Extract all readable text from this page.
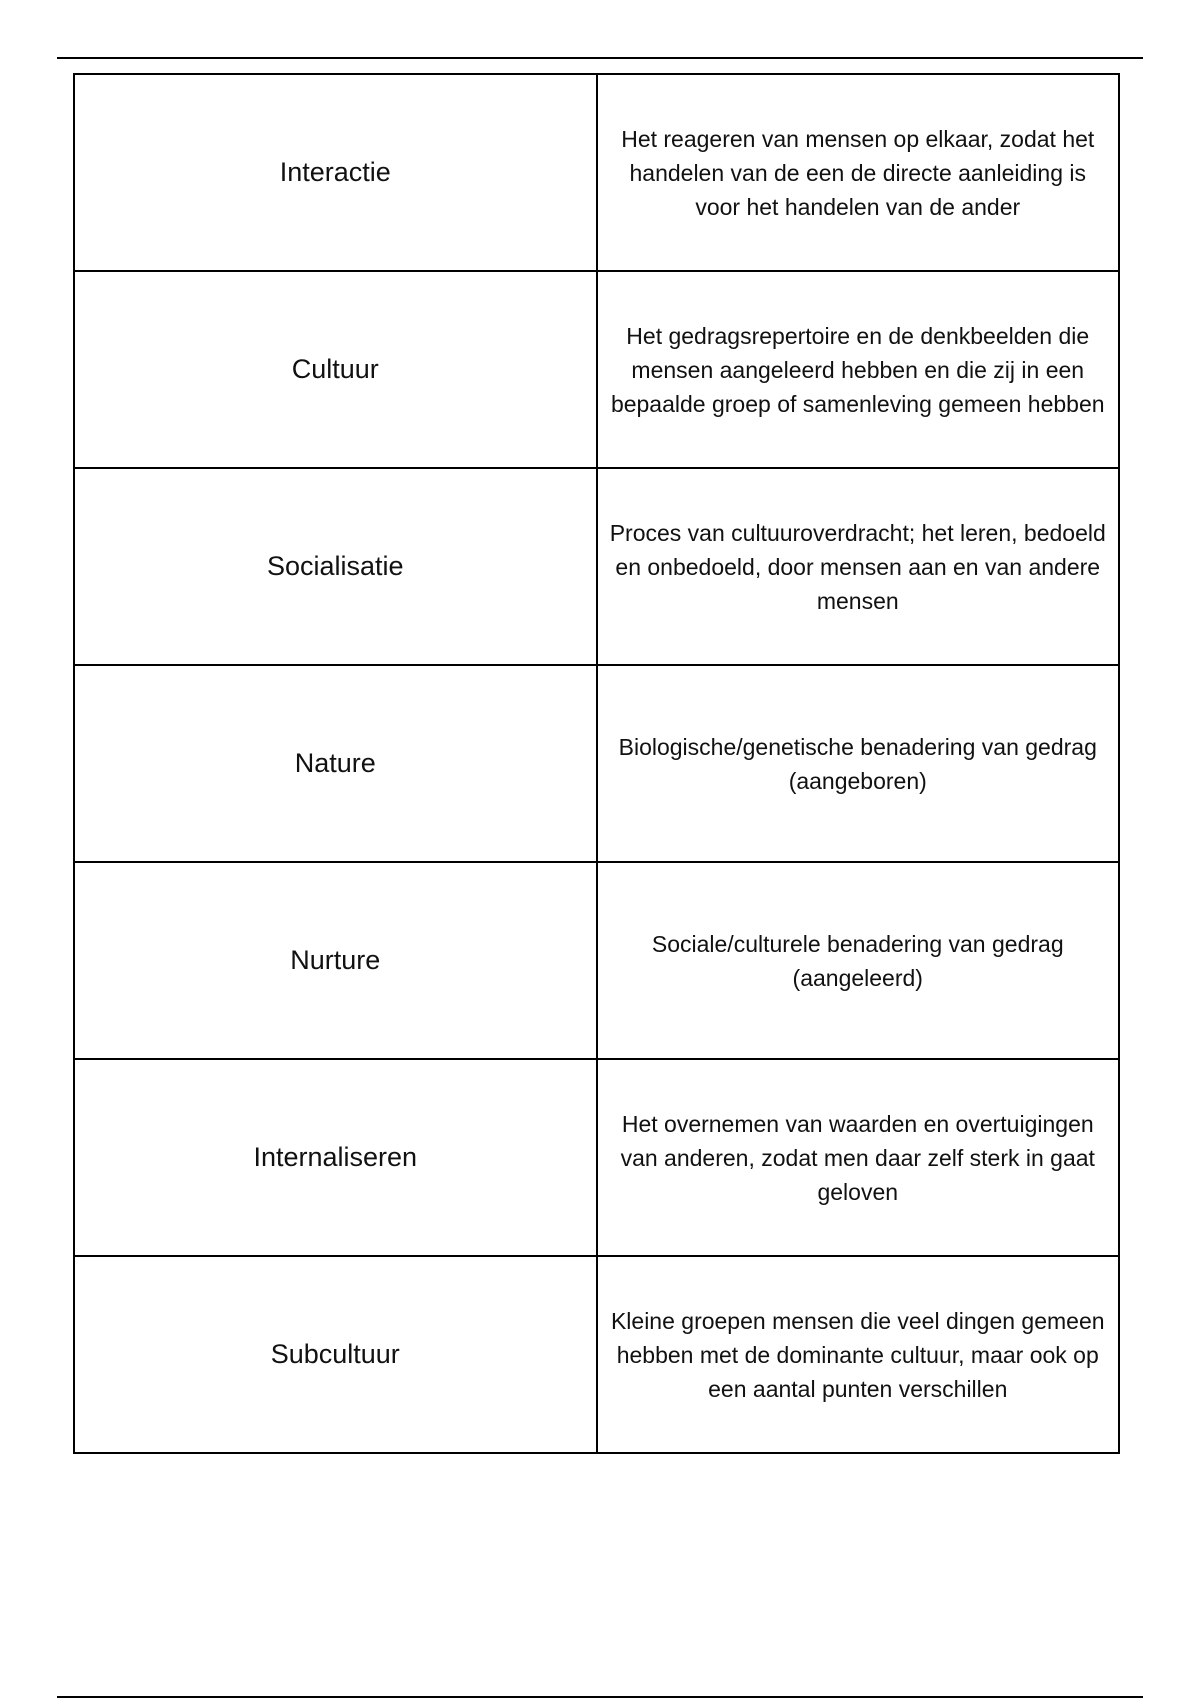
Interactie	Het reageren van mensen op elkaar, zodat het handelen van de een de directe aanleiding is voor het handelen van de ander
Cultuur	Het gedragsrepertoire en de denkbeelden die mensen aangeleerd hebben en die zij in een bepaalde groep of samenleving gemeen hebben
Socialisatie	Proces van cultuuroverdracht; het leren, bedoeld en onbedoeld, door mensen aan en van andere mensen
Nature	Biologische/genetische benadering van gedrag (aangeboren)
Nurture	Sociale/culturele benadering van gedrag (aangeleerd)
Internaliseren	Het overnemen van waarden en overtuigingen van anderen, zodat men daar zelf sterk in gaat geloven
Subcultuur	Kleine groepen mensen die veel dingen gemeen hebben met de dominante cultuur, maar ook op een aantal punten verschillen
